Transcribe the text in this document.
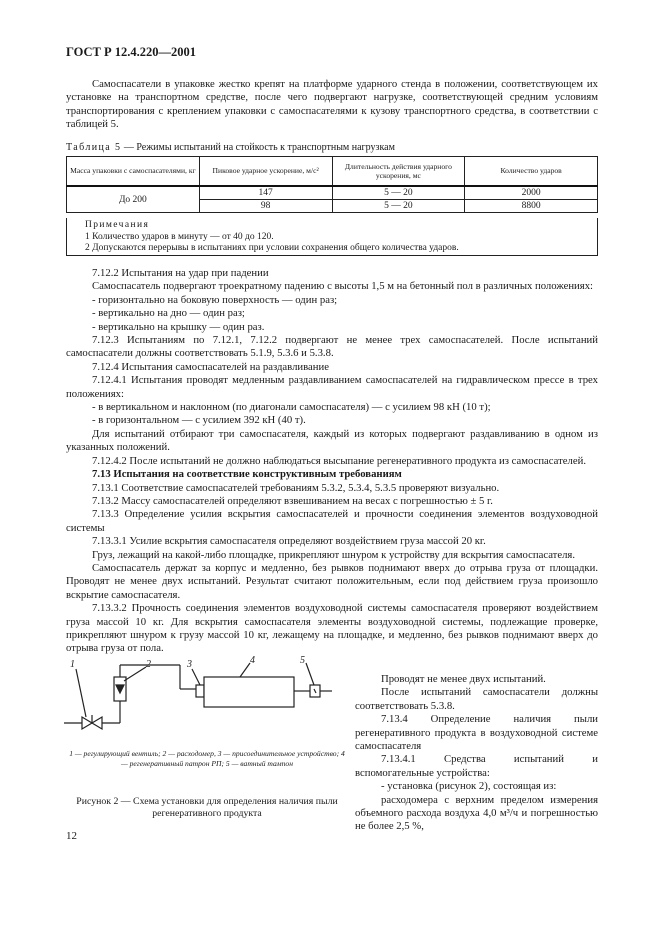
ГОСТ Р 12.4.220—2001

Самоспасатели в упаковке жестко крепят на платформе ударного стенда в положении, соответствующем их установке на транспортном средстве, после чего подвергают нагрузке, соответствующей средним условиям транспортирования с креплением упаковки с самоспасателями к кузову транспортного средства, в соответствии с таблицей 5.

Таблица 5 — Режимы испытаний на стойкость к транспортным нагрузкам
Масса упаковки с самоспасателями, кг	Пиковое ударное ускорение, м/с²	Длительность действия ударного ускорения, мс	Количество ударов
До 200	147	5 — 20	2000
	98	5 — 20	8800
Примечания
1 Количество ударов в минуту — от 40 до 120.
2 Допускаются перерывы в испытаниях при условии сохранения общего количества ударов.

7.12.2 Испытания на удар при падении

Самоспасатель подвергают троекратному падению с высоты 1,5 м на бетонный пол в различных положениях:

- горизонтально на боковую поверхность — один раз;

- вертикально на дно — один раз;

- вертикально на крышку — один раз.

7.12.3 Испытаниям по 7.12.1, 7.12.2 подвергают не менее трех самоспасателей. После испытаний самоспасатели должны соответствовать 5.1.9, 5.3.6 и 5.3.8.

7.12.4 Испытания самоспасателей на раздавливание

7.12.4.1 Испытания проводят медленным раздавливанием самоспасателей на гидравлическом прессе в трех положениях:

- в вертикальном и наклонном (по диагонали самоспасателя) — с усилием 98 кН (10 т);

- в горизонтальном — с усилием 392 кН (40 т).

Для испытаний отбирают три самоспасателя, каждый из которых подвергают раздавливанию в одном из указанных положений.

7.12.4.2 После испытаний не должно наблюдаться высыпание регенеративного продукта из самоспасателей.

7.13 Испытания на соответствие конструктивным требованиям

7.13.1 Соответствие самоспасателей требованиям 5.3.2, 5.3.4, 5.3.5 проверяют визуально.

7.13.2 Массу самоспасателей определяют взвешиванием на весах с погрешностью ± 5 г.

7.13.3 Определение усилия вскрытия самоспасателей и прочности соединения элементов воздуховодной системы

7.13.3.1 Усилие вскрытия самоспасателя определяют воздействием груза массой 20 кг.

Груз, лежащий на какой-либо площадке, прикрепляют шнуром к устройству для вскрытия самоспасателя.

Самоспасатель держат за корпус и медленно, без рывков поднимают вверх до отрыва груза от площадки. Проводят не менее двух испытаний. Результат считают положительным, если под действием груза произошло вскрытие самоспасателя.

7.13.3.2 Прочность соединения элементов воздуховодной системы самоспасателя проверяют воздействием груза массой 10 кг. Для вскрытия самоспасателя элементы воздуховодной системы, подлежащие проверке, прикрепляют шнуром к грузу массой 10 кг, лежащему на площадке, и медленно, без рывков поднимают вверх до отрыва груза от пола.

1	2	3	4	5
1 — регулирующий вентиль; 2 — расходомер, 3 — присоединительное устройство; 4 — регенеративный патрон РП; 5 — ватный тампон
Рисунок 2 — Схема установки для определения наличия пыли регенеративного продукта

Проводят не менее двух испытаний.

После испытаний самоспасатели должны соответствовать 5.3.8.

7.13.4 Определение наличия пыли регенеративного продукта в воздуховодной системе самоспасателя

7.13.4.1 Средства испытаний и вспомогательные устройства:

- установка (рисунок 2), состоящая из:

расходомера с верхним пределом измерения объемного расхода воздуха 4,0 м³/ч и погрешностью не более 2,5 %,

12
